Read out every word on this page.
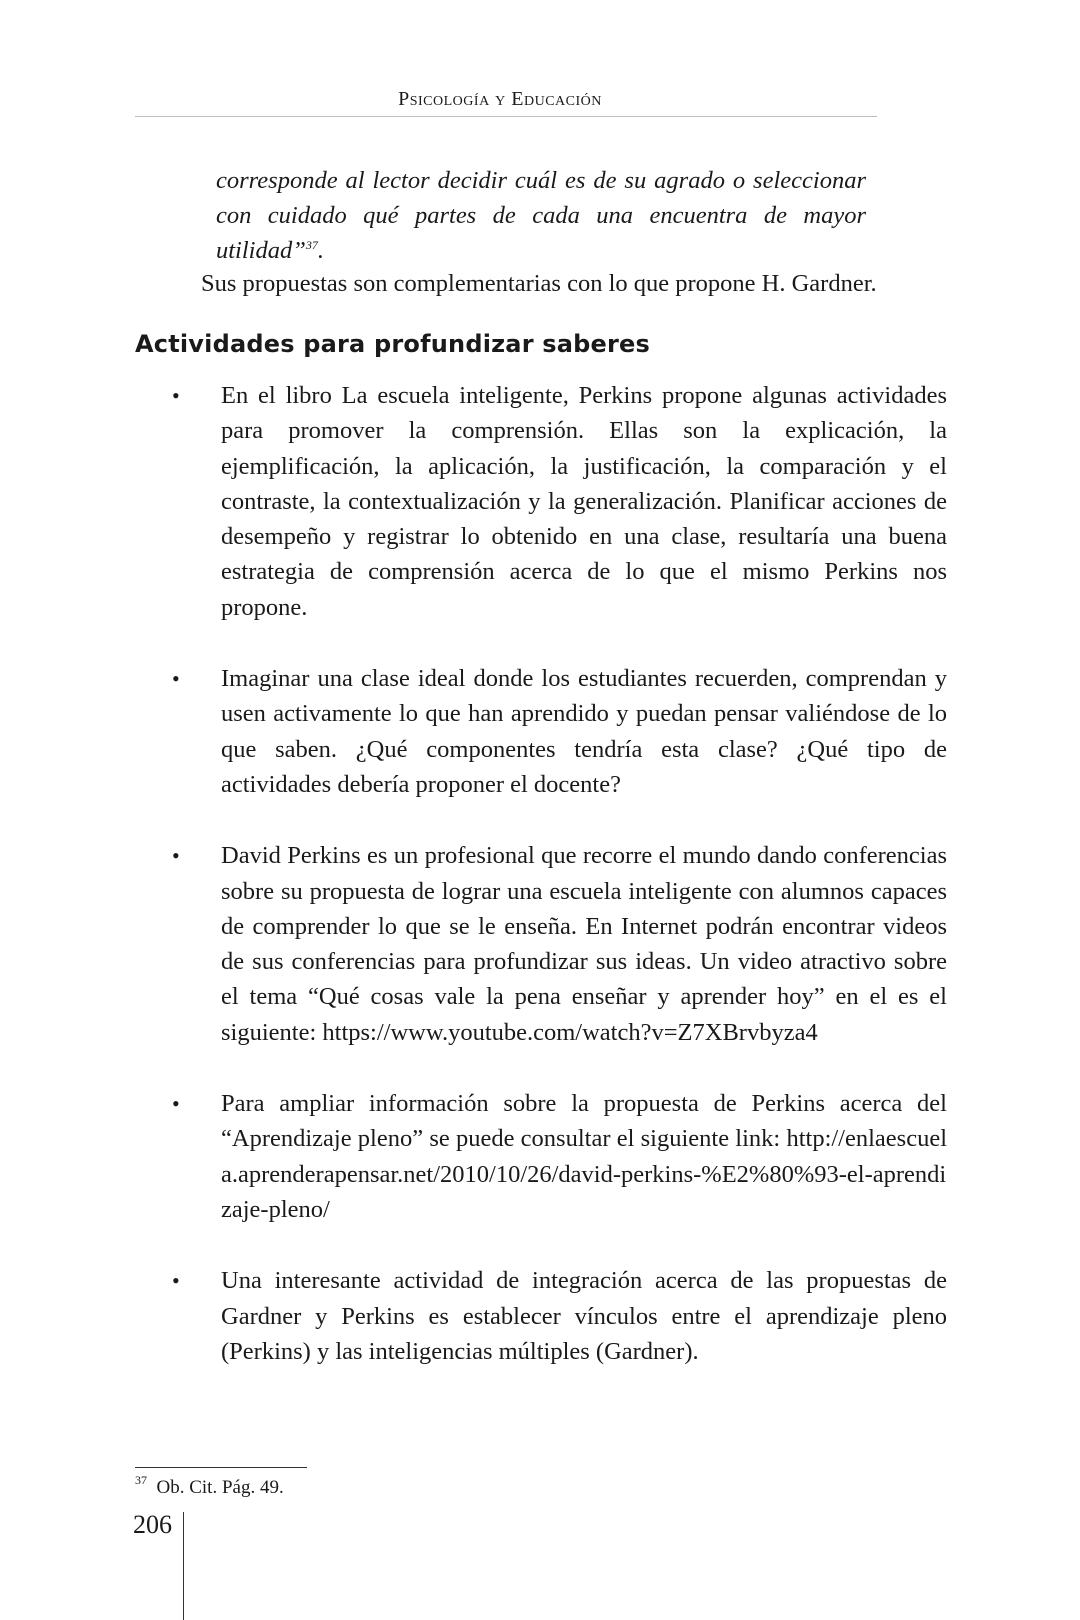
Psicología y Educación
corresponde al lector decidir cuál es de su agrado o seleccionar con cuidado qué partes de cada una encuentra de mayor utilidad”$^{37}$.
Sus propuestas son complementarias con lo que propone H. Gardner.
Actividades para profundizar saberes
• En el libro La escuela inteligente, Perkins propone algunas actividades para promover la comprensión. Ellas son la explicación, la ejemplificación, la aplicación, la justificación, la comparación y el contraste, la contextualización y la generalización. Planificar acciones de desempeño y registrar lo obtenido en una clase, resultaría una buena estrategia de comprensión acerca de lo que el mismo Perkins nos propone.
• Imaginar una clase ideal donde los estudiantes recuerden, comprendan y usen activamente lo que han aprendido y puedan pensar valiéndose de lo que saben. ¿Qué componentes tendría esta clase? ¿Qué tipo de actividades debería proponer el docente?
• David Perkins es un profesional que recorre el mundo dando conferencias sobre su propuesta de lograr una escuela inteligente con alumnos capaces de comprender lo que se le enseña. En Internet podrán encontrar videos de sus conferencias para profundizar sus ideas. Un video atractivo sobre el tema “Qué cosas vale la pena enseñar y aprender hoy” en el es el siguiente: https://www.youtube.com/watch?v=Z7XBrvbyza4
• Para ampliar información sobre la propuesta de Perkins acerca del “Aprendizaje pleno” se puede consultar el siguiente link: http://enlaescuela.aprenderapensar.net/2010/10/26/david-perkins-%E2%80%93-el-aprendizaje-pleno/
• Una interesante actividad de integración acerca de las propuestas de Gardner y Perkins es establecer vínculos entre el aprendizaje pleno (Perkins) y las inteligencias múltiples (Gardner).
$^{37}$ Ob. Cit. Pág. 49.
206
